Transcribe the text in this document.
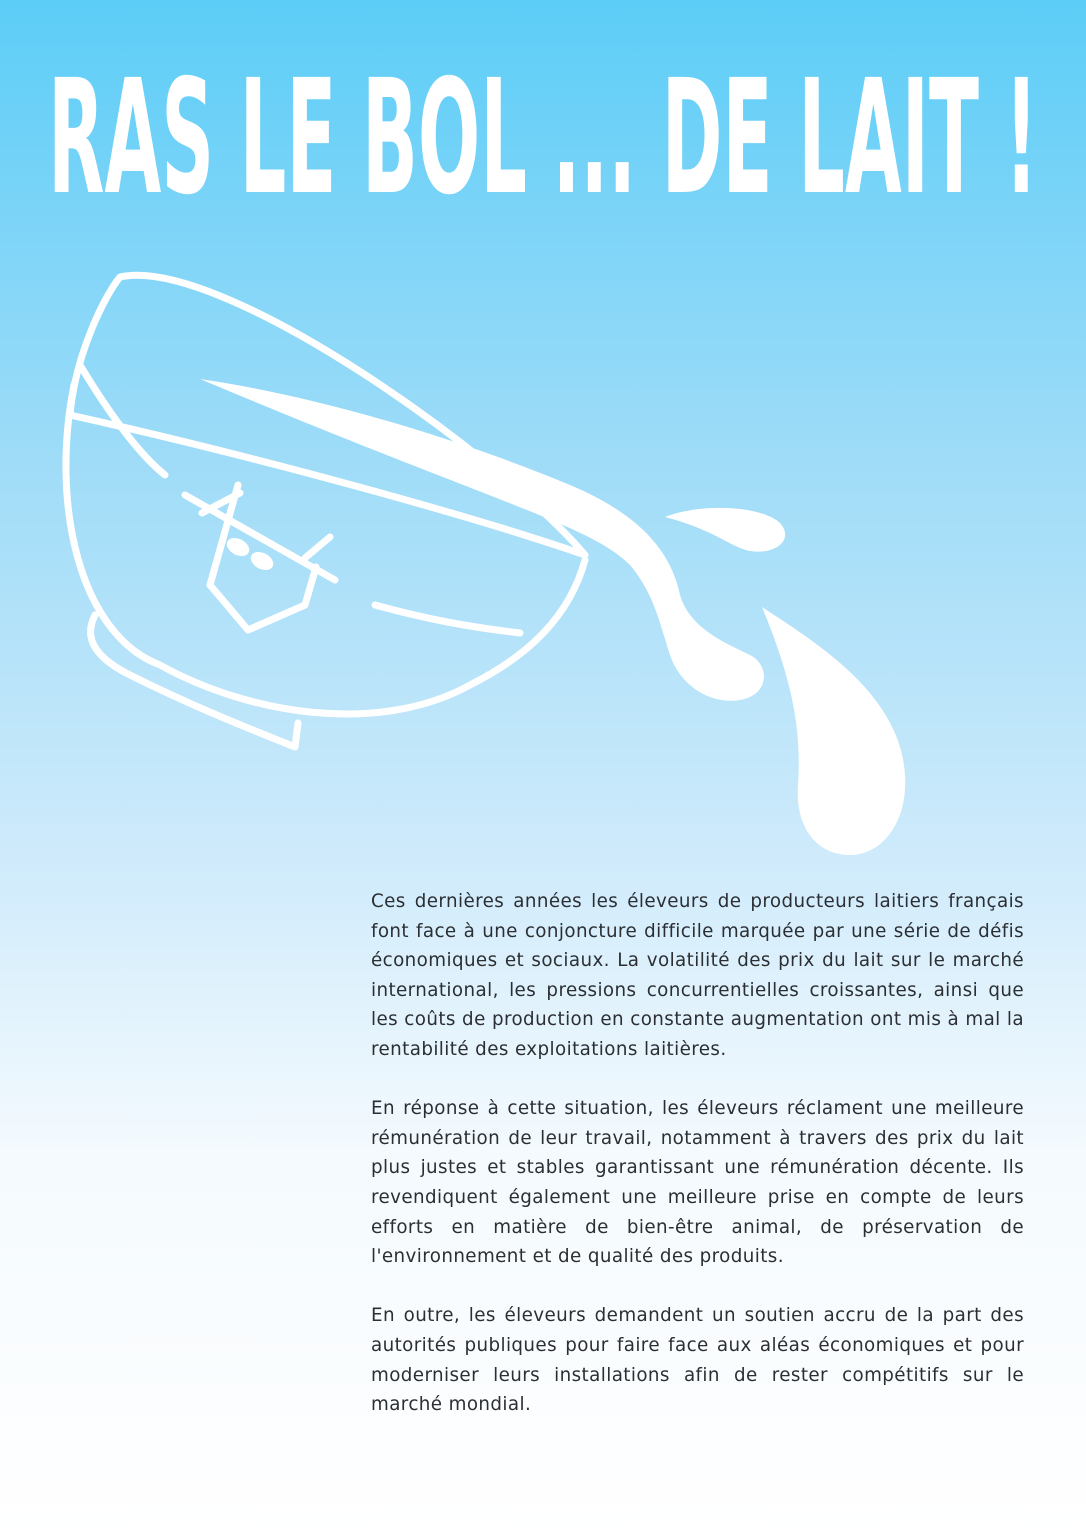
RAS LE BOL ... DE LAIT !

Ces dernières années les éleveurs de producteurs laitiers français font face à une conjoncture difficile marquée par une série de défis économiques et sociaux. La volatilité des prix du lait sur le marché international, les pressions concurrentielles croissantes, ainsi que les coûts de production en constante augmentation ont mis à mal la rentabilité des exploitations laitières.

En réponse à cette situation, les éleveurs réclament une meilleure rémunération de leur travail, notamment à travers des prix du lait plus justes et stables garantissant une rémunération décente. Ils revendiquent également une meilleure prise en compte de leurs efforts en matière de bien-être animal, de préservation de l'environnement et de qualité des produits.

En outre, les éleveurs demandent un soutien accru de la part des autorités publiques pour faire face aux aléas économiques et pour moderniser leurs installations afin de rester compétitifs sur le marché mondial.
